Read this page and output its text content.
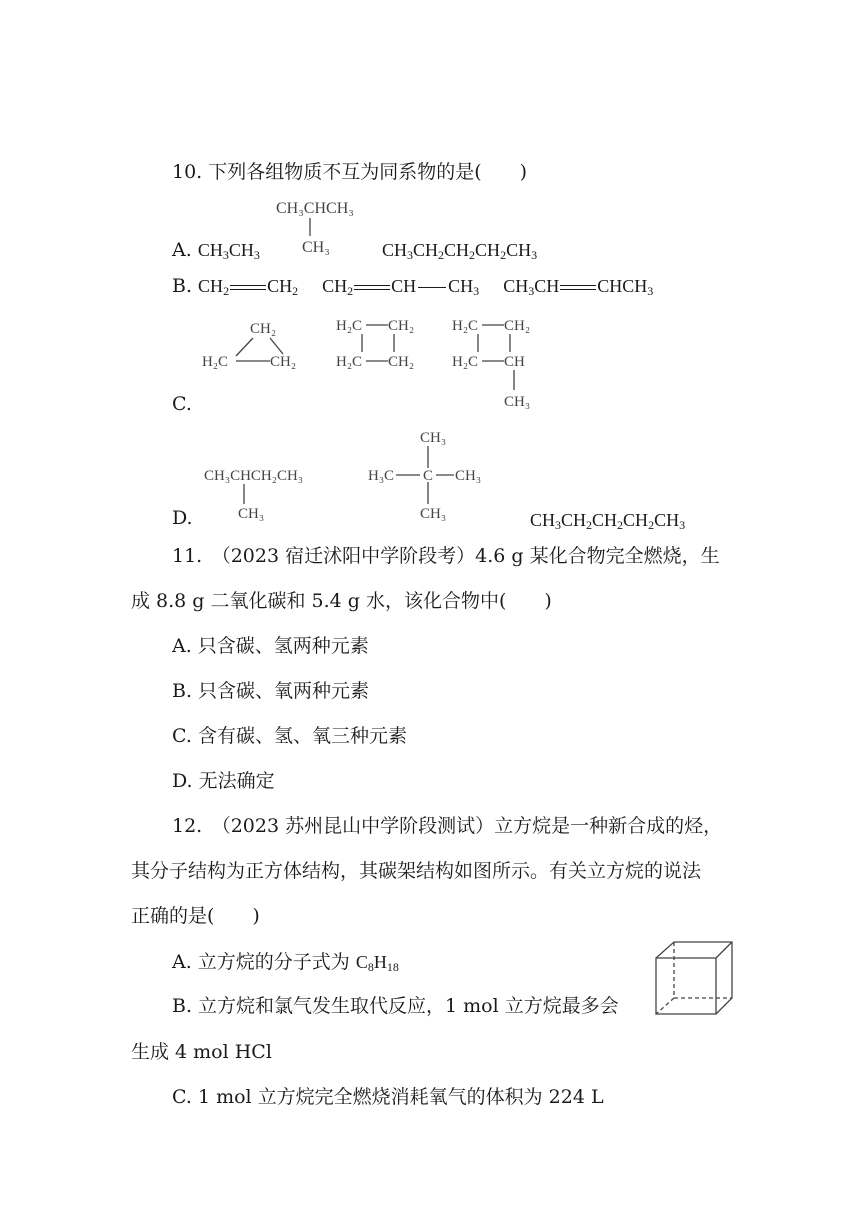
10. 下列各组物质不互为同系物的是(　　)
CH₃CHCH₃
CH₃
A. $CH_3CH_3$	$CH_3CH_2CH_2CH_2CH_3$
B. $CH_2$ $CH_2$ $CH_2$ CH $CH_3$ $CH_3CH$ $CHCH_3$
CH₂
H₂C	CH₂
H₂C CH₂
H₂C CH₂
H₂C CH₂
H₂C CH
CH₃
C.
CH₃CHCH₂CH₃
CH₃
CH₃
H₃C C CH₃
CH₃
D.	$CH_3CH_2CH_2CH_2CH_3$
11.　（2023 宿迁沭阳中学阶段考）4.6 g 某化合物完全燃烧，生
成 8.8 g 二氧化碳和 5.4 g 水，该化合物中(　　)
A. 只含碳、氢两种元素
B. 只含碳、氧两种元素
C. 含有碳、氢、氧三种元素
D. 无法确定
12.　（2023 苏州昆山中学阶段测试）立方烷是一种新合成的烃，
其分子结构为正方体结构，其碳架结构如图所示。有关立方烷的说法
正确的是(　　)
A. 立方烷的分子式为 $C_8H_{18}$
B. 立方烷和氯气发生取代反应，1 mol 立方烷最多会
生成 4 mol HCl
C. 1 mol 立方烷完全燃烧消耗氧气的体积为 224 L
